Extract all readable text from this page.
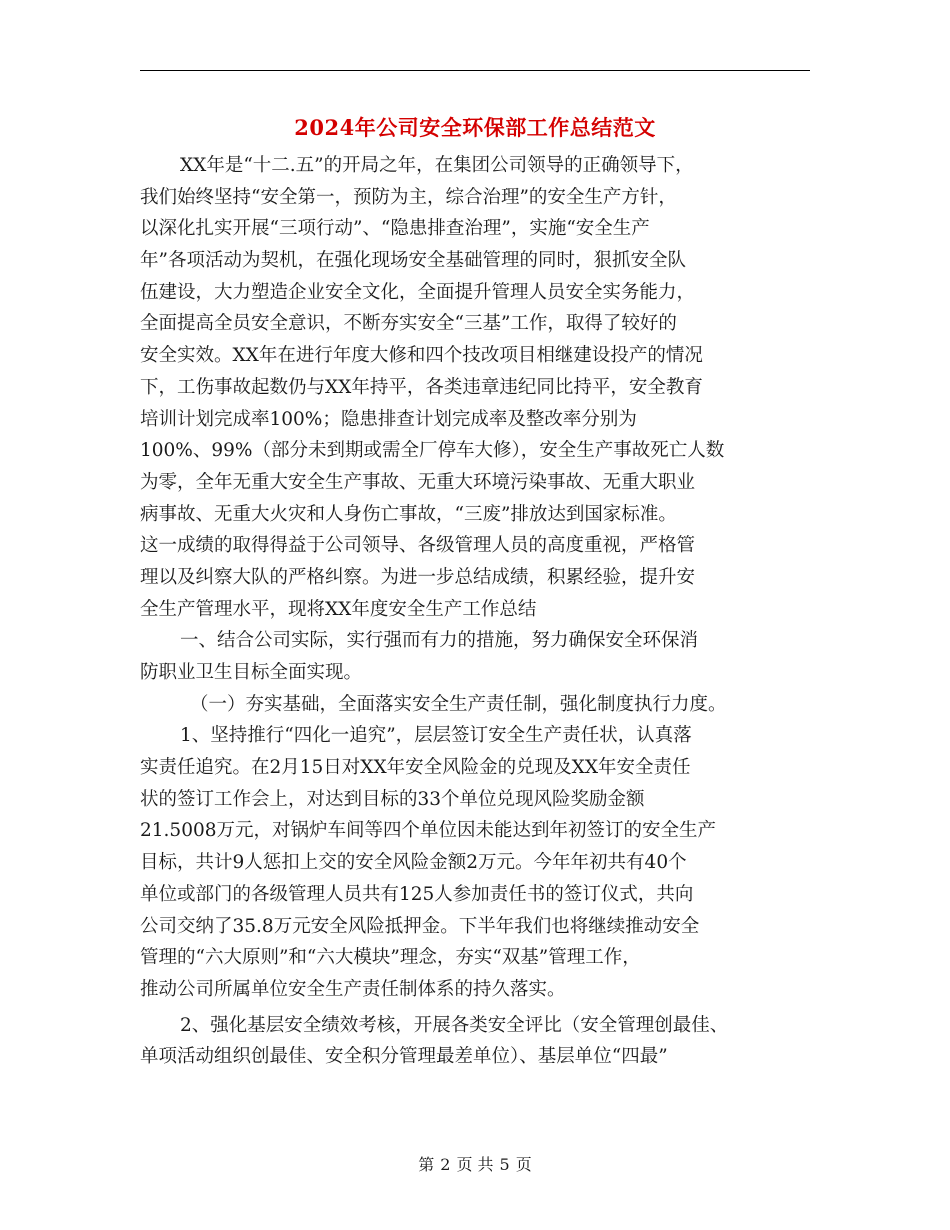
2024年公司安全环保部工作总结范文
XX年是“十二.五”的开局之年，在集团公司领导的正确领导下，
我们始终坚持“安全第一，预防为主，综合治理”的安全生产方针，
以深化扎实开展“三项行动”、“隐患排查治理”，实施“安全生产
年”各项活动为契机，在强化现场安全基础管理的同时，狠抓安全队
伍建设，大力塑造企业安全文化，全面提升管理人员安全实务能力，
全面提高全员安全意识，不断夯实安全“三基”工作，取得了较好的
安全实效。XX年在进行年度大修和四个技改项目相继建设投产的情况
下，工伤事故起数仍与XX年持平，各类违章违纪同比持平，安全教育
培训计划完成率100%；隐患排查计划完成率及整改率分别为
100%、99%（部分未到期或需全厂停车大修），安全生产事故死亡人数
为零，全年无重大安全生产事故、无重大环境污染事故、无重大职业
病事故、无重大火灾和人身伤亡事故，“三废”排放达到国家标准。
这一成绩的取得得益于公司领导、各级管理人员的高度重视，严格管
理以及纠察大队的严格纠察。为进一步总结成绩，积累经验，提升安
全生产管理水平，现将XX年度安全生产工作总结
一、结合公司实际，实行强而有力的措施，努力确保安全环保消
防职业卫生目标全面实现。
（一）夯实基础，全面落实安全生产责任制，强化制度执行力度。
1、坚持推行“四化一追究”，层层签订安全生产责任状，认真落
实责任追究。在2月15日对XX年安全风险金的兑现及XX年安全责任
状的签订工作会上，对达到目标的33个单位兑现风险奖励金额
21.5008万元，对锅炉车间等四个单位因未能达到年初签订的安全生产
目标，共计9人惩扣上交的安全风险金额2万元。今年年初共有40个
单位或部门的各级管理人员共有125人参加责任书的签订仪式，共向
公司交纳了35.8万元安全风险抵押金。下半年我们也将继续推动安全
管理的“六大原则”和“六大模块”理念，夯实“双基”管理工作，
推动公司所属单位安全生产责任制体系的持久落实。
2、强化基层安全绩效考核，开展各类安全评比（安全管理创最佳、
单项活动组织创最佳、安全积分管理最差单位）、基层单位“四最”
第 2 页 共 5 页
